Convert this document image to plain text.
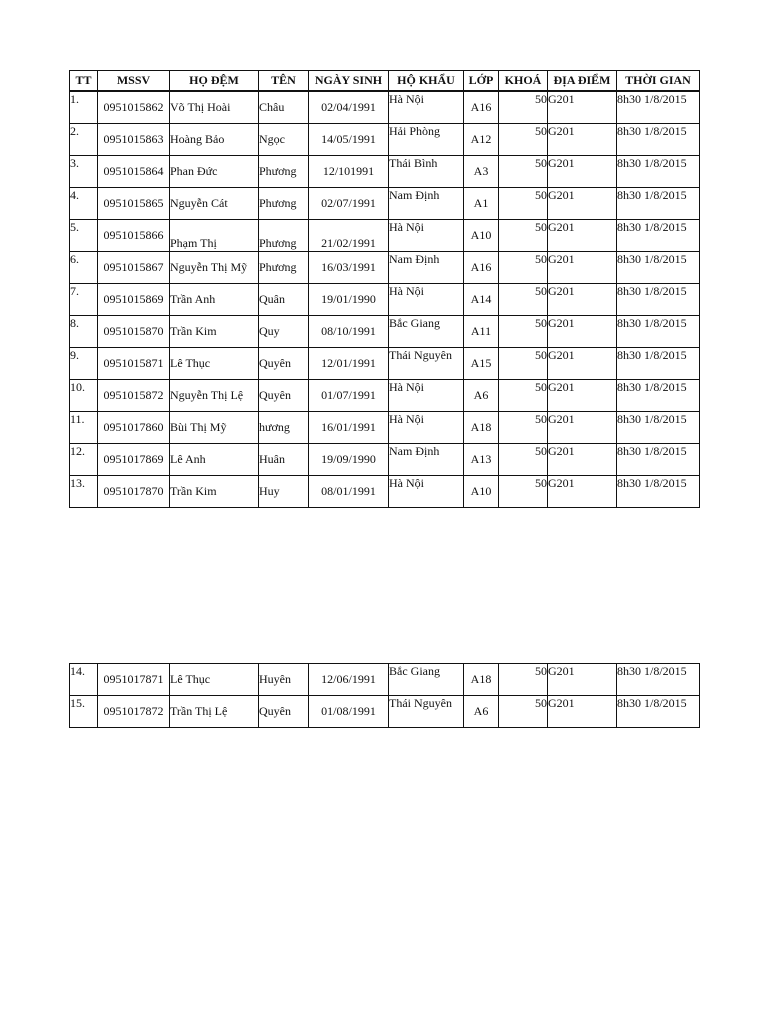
TT	MSSV	HỌ ĐỆM	TÊN	NGÀY SINH	HỘ KHẨU	LỚP	KHOÁ	ĐỊA ĐIỂM	THỜI GIAN
1.	0951015862	Võ Thị Hoài	Châu	02/04/1991	Hà Nội	A16	50	G201	8h30 1/8/2015
2.	0951015863	Hoàng Bảo	Ngọc	14/05/1991	Hải Phòng	A12	50	G201	8h30 1/8/2015
3.	0951015864	Phan Đức	Phương	12/101991	Thái Bình	A3	50	G201	8h30 1/8/2015
4.	0951015865	Nguyễn Cát	Phương	02/07/1991	Nam Định	A1	50	G201	8h30 1/8/2015
5.	0951015866	Phạm Thị	Phương	21/02/1991	Hà Nội	A10	50	G201	8h30 1/8/2015
6.	0951015867	Nguyễn Thị Mỹ	Phương	16/03/1991	Nam Định	A16	50	G201	8h30 1/8/2015
7.	0951015869	Trần Anh	Quân	19/01/1990	Hà Nội	A14	50	G201	8h30 1/8/2015
8.	0951015870	Trần Kim	Quy	08/10/1991	Bắc Giang	A11	50	G201	8h30 1/8/2015
9.	0951015871	Lê Thục	Quyên	12/01/1991	Thái Nguyên	A15	50	G201	8h30 1/8/2015
10.	0951015872	Nguyễn Thị Lệ	Quyên	01/07/1991	Hà Nội	A6	50	G201	8h30 1/8/2015
11.	0951017860	Bùi Thị Mỹ	hương	16/01/1991	Hà Nội	A18	50	G201	8h30 1/8/2015
12.	0951017869	Lê Anh	Huân	19/09/1990	Nam Định	A13	50	G201	8h30 1/8/2015
13.	0951017870	Trần Kim	Huy	08/01/1991	Hà Nội	A10	50	G201	8h30 1/8/2015
14.	0951017871	Lê Thục	Huyên	12/06/1991	Bắc Giang	A18	50	G201	8h30 1/8/2015
15.	0951017872	Trần Thị Lệ	Quyên	01/08/1991	Thái Nguyên	A6	50	G201	8h30 1/8/2015
